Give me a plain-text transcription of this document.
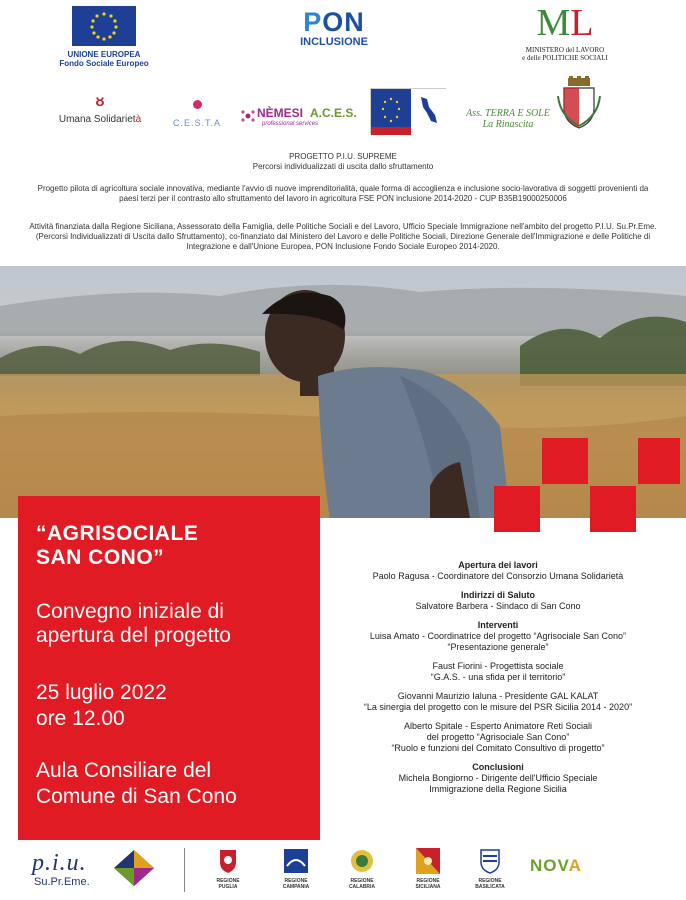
UNIONE EUROPEA
Fondo Sociale Europeo
PON
INCLUSIONE	ML
MINISTERO del LAVORO
e delle POLITICHE SOCIALI
ᴕ
Umana Solidarietà	C.E.S.T.A
NÈMESI A.C.E.S.
professional services
Ass. TERRA E SOLE
La Rinascita
PROGETTO P.I.U. SUPREME
Percorsi individualizzati di uscita dallo sfruttamento
Progetto pilota di agricoltura sociale innovativa, mediante l'avvio di nuove imprenditorialità, quale forma di accoglienza e inclusione socio-lavorativa di soggetti provenienti da paesi terzi per il contrasto allo sfruttamento del lavoro in agricoltura FSE PON inclusione 2014-2020 - CUP B35B19000250006
Attività finanziata dalla Regione Siciliana, Assessorato della Famiglia, delle Politiche Sociali e del Lavoro, Ufficio Speciale Immigrazione nell'ambito del progetto P.I.U. Su.Pr.Eme. (Percorsi Individualizzati di Uscita dallo Sfruttamento), co-finanziato dal Ministero del Lavoro e delle Politiche Sociali, Direzione Generale dell'Immigrazione e delle Politiche di Integrazione e dall'Unione Europea, PON Inclusione Fondo Sociale Europeo 2014-2020.
“AGRISOCIALE
SAN CONO”
Convegno iniziale di
apertura del progetto
25 luglio 2022
ore 12.00
Aula Consiliare del
Comune di San Cono
Apertura dei lavori

Paolo Ragusa - Coordinatore del Consorzio Umana Solidarietà

Indirizzi di Saluto

Salvatore Barbera - Sindaco di San Cono

Interventi

Luisa Amato - Coordinatrice del progetto “Agrisociale San Cono”
“Presentazione generale”

Faust Fiorini - Progettista sociale
“G.A.S. - una sfida per il territorio”

Giovanni Maurizio Ialuna - Presidente GAL KALAT
“La sinergia del progetto con le misure del PSR Sicilia 2014 - 2020”

Alberto Spitale - Esperto Animatore Reti Sociali
del progetto “Agrisociale San Cono”
“Ruolo e funzioni del Comitato Consultivo di progetto”

Conclusioni

Michela Bongiorno - Dirigente dell'Ufficio Speciale
Immigrazione della Regione Sicilia

p.i.u.
Su.Pr.Eme.	REGIONE
PUGLIA
REGIONE CAMPANIA
REGIONE
CALABRIA
REGIONE
SICILIANA
REGIONE
BASILICATA
NOVA
